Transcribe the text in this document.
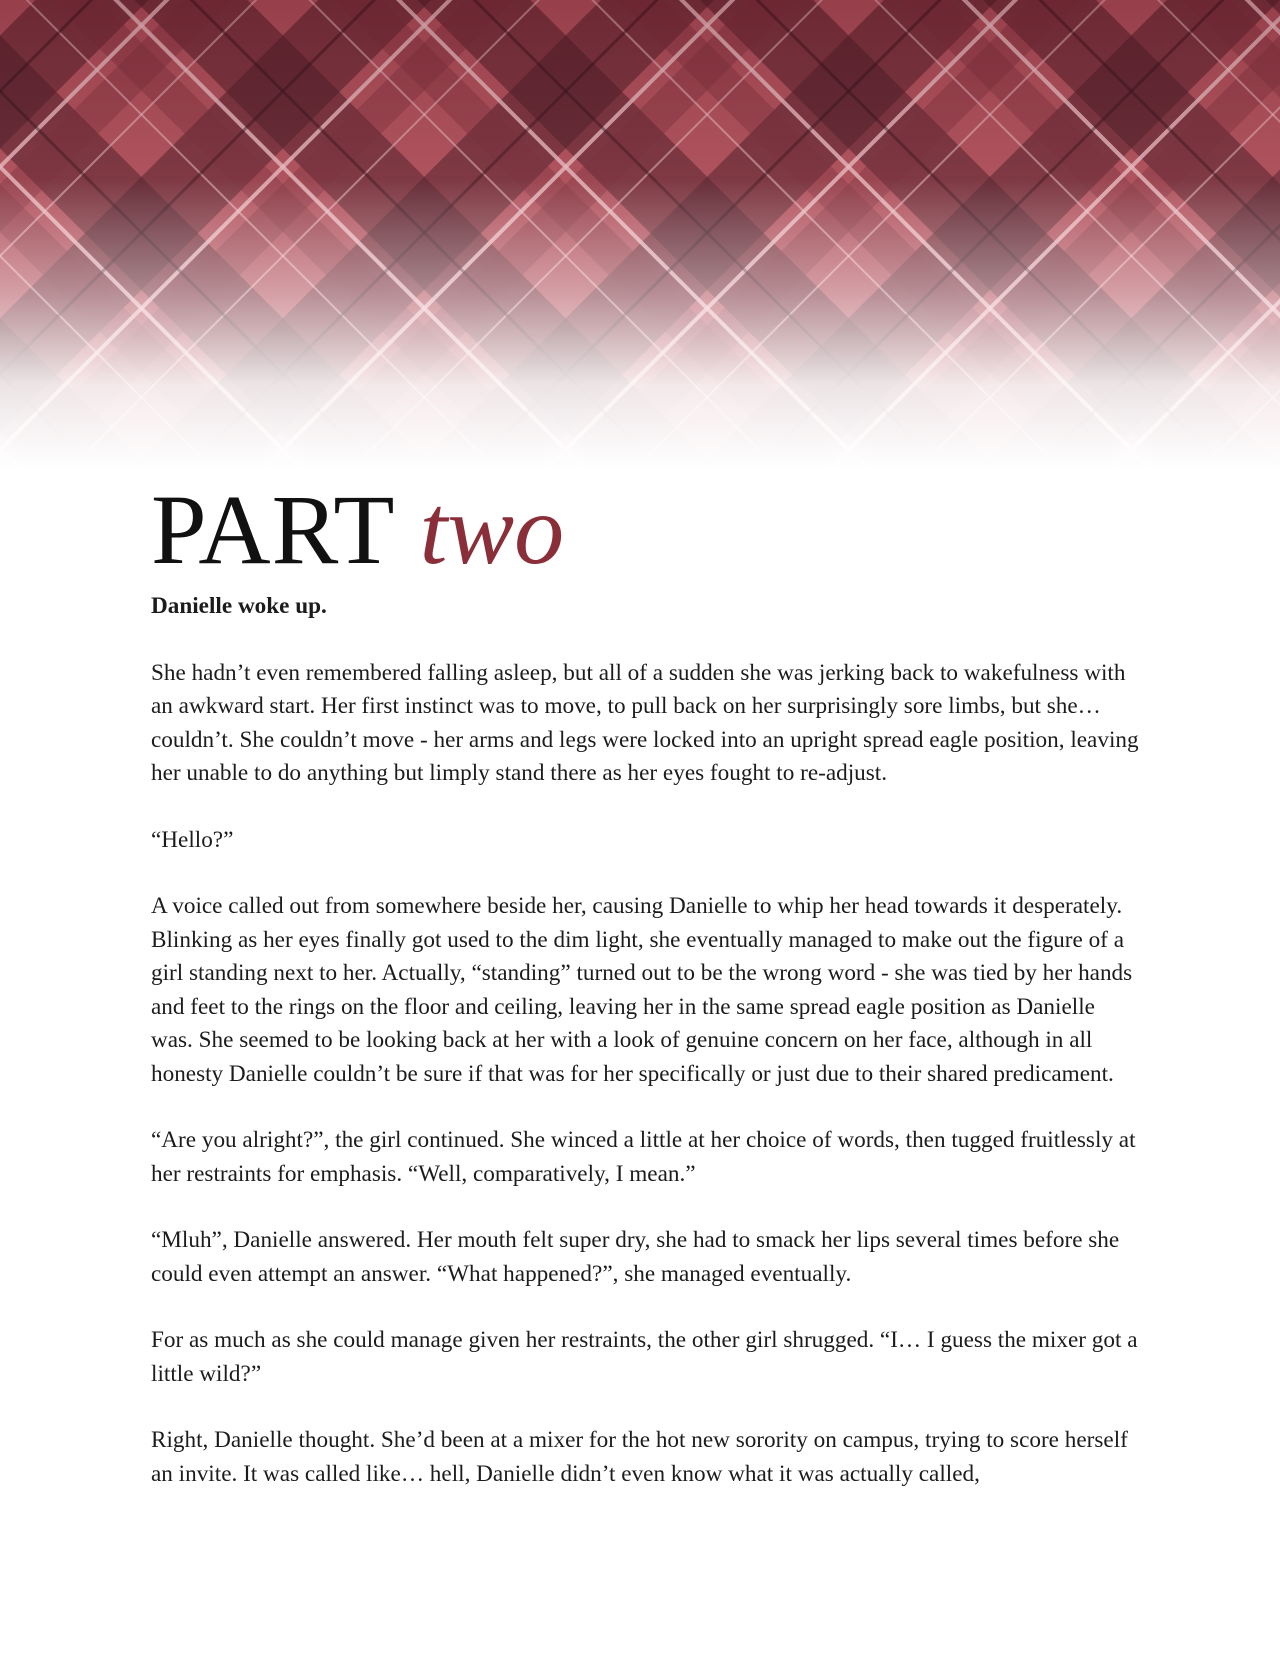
PART two

Danielle woke up.

She hadn’t even remembered falling asleep, but all of a sudden she was jerking back to wakefulness with an awkward start. Her first instinct was to move, to pull back on her surprisingly sore limbs, but she… couldn’t. She couldn’t move - her arms and legs were locked into an upright spread eagle position, leaving her unable to do anything but limply stand there as her eyes fought to re-adjust.

“Hello?”

A voice called out from somewhere beside her, causing Danielle to whip her head towards it desperately. Blinking as her eyes finally got used to the dim light, she eventually managed to make out the figure of a girl standing next to her. Actually, “standing” turned out to be the wrong word - she was tied by her hands and feet to the rings on the floor and ceiling, leaving her in the same spread eagle position as Danielle was. She seemed to be looking back at her with a look of genuine concern on her face, although in all honesty Danielle couldn’t be sure if that was for her specifically or just due to their shared predicament.

“Are you alright?”, the girl continued. She winced a little at her choice of words, then tugged fruitlessly at her restraints for emphasis. “Well, comparatively, I mean.”

“Mluh”, Danielle answered. Her mouth felt super dry, she had to smack her lips several times before she could even attempt an answer. “What happened?”, she managed eventually.

For as much as she could manage given her restraints, the other girl shrugged. “I… I guess the mixer got a little wild?”

Right, Danielle thought. She’d been at a mixer for the hot new sorority on campus, trying to score herself an invite. It was called like… hell, Danielle didn’t even know what it was actually called,
